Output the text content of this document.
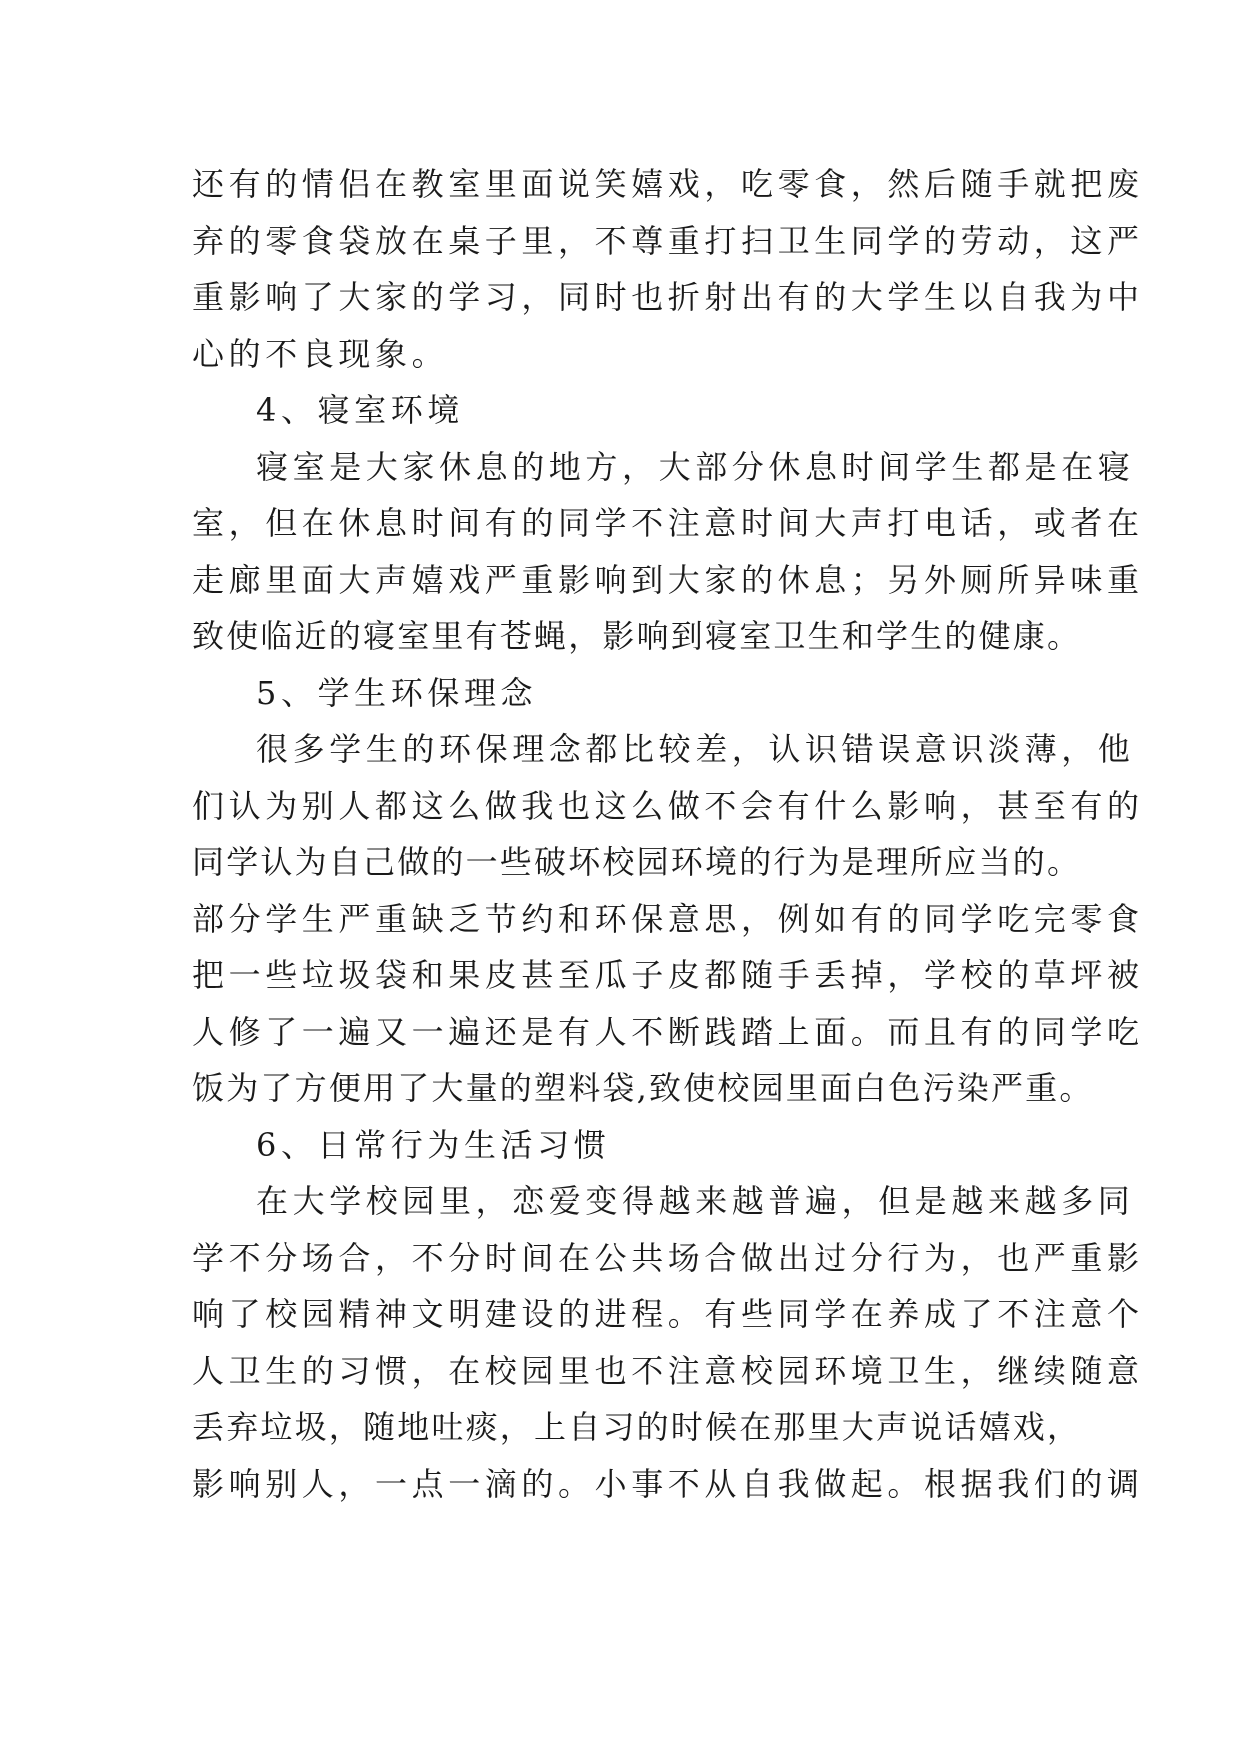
还有的情侣在教室里面说笑嬉戏，吃零食，然后随手就把废
弃的零食袋放在桌子里，不尊重打扫卫生同学的劳动，这严
重影响了大家的学习，同时也折射出有的大学生以自我为中
心的不良现象。
4、寝室环境
寝室是大家休息的地方，大部分休息时间学生都是在寝
室，但在休息时间有的同学不注意时间大声打电话，或者在
走廊里面大声嬉戏严重影响到大家的休息；另外厕所异味重
致使临近的寝室里有苍蝇，影响到寝室卫生和学生的健康。
5、学生环保理念
很多学生的环保理念都比较差，认识错误意识淡薄，他
们认为别人都这么做我也这么做不会有什么影响，甚至有的
同学认为自己做的一些破坏校园环境的行为是理所应当的。
部分学生严重缺乏节约和环保意思，例如有的同学吃完零食
把一些垃圾袋和果皮甚至瓜子皮都随手丢掉，学校的草坪被
人修了一遍又一遍还是有人不断践踏上面。而且有的同学吃
饭为了方便用了大量的塑料袋,致使校园里面白色污染严重。
6、日常行为生活习惯
在大学校园里，恋爱变得越来越普遍，但是越来越多同
学不分场合，不分时间在公共场合做出过分行为，也严重影
响了校园精神文明建设的进程。有些同学在养成了不注意个
人卫生的习惯，在校园里也不注意校园环境卫生，继续随意
丢弃垃圾，随地吐痰，上自习的时候在那里大声说话嬉戏，
影响别人，一点一滴的。小事不从自我做起。根据我们的调
